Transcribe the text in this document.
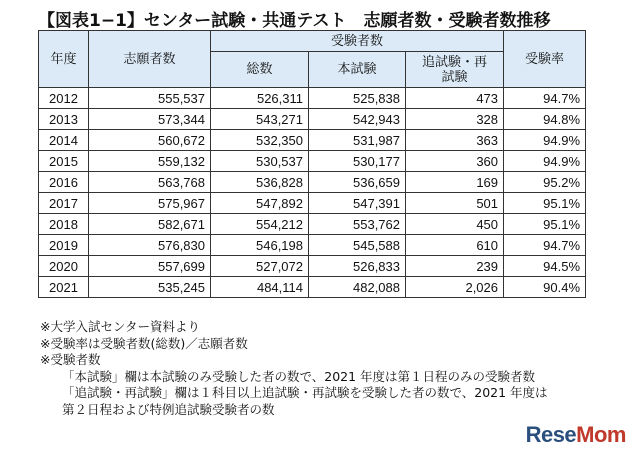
【図表1−1】センター試験・共通テスト　志願者数・受験者数推移
年度	志願者数	受験者数			受験率
		総数	本試験	追試験・再試験	
2012	555,537	526,311	525,838	473	94.7%
2013	573,344	543,271	542,943	328	94.8%
2014	560,672	532,350	531,987	363	94.9%
2015	559,132	530,537	530,177	360	94.9%
2016	563,768	536,828	536,659	169	95.2%
2017	575,967	547,892	547,391	501	95.1%
2018	582,671	554,212	553,762	450	95.1%
2019	576,830	546,198	545,588	610	94.7%
2020	557,699	527,072	526,833	239	94.5%
2021	535,245	484,114	482,088	2,026	90.4%
※大学入試センター資料より
※受験率は受験者数(総数)／志願者数
※受験者数
「本試験」欄は本試験のみ受験した者の数で、2021 年度は第１日程のみの受験者数
「追試験・再試験」欄は１科目以上追試験・再試験を受験した者の数で、2021 年度は
第２日程および特例追試験受験者の数
ReseMom
